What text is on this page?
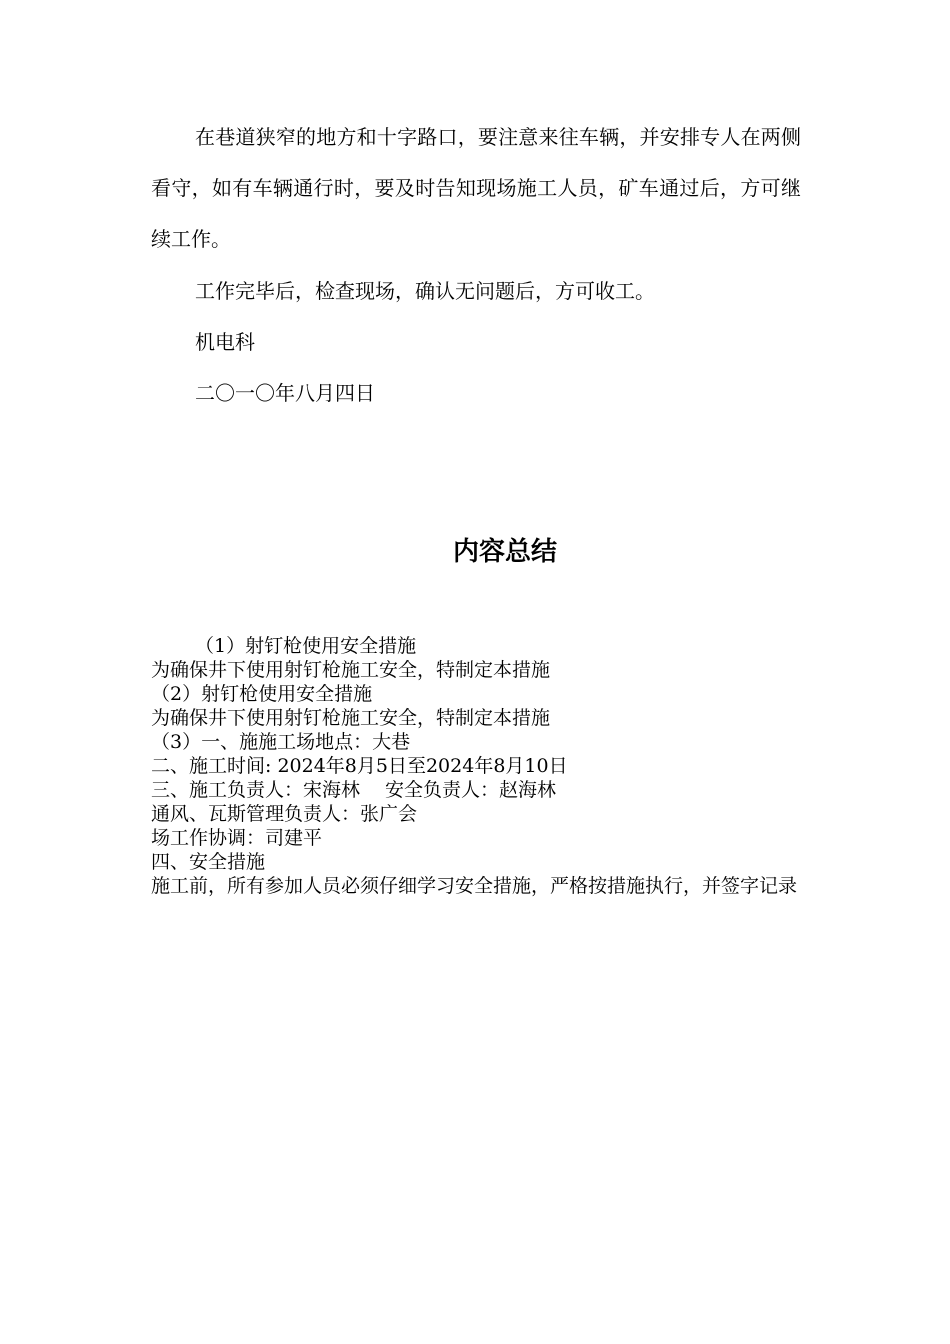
在巷道狭窄的地方和十字路口，要注意来往车辆，并安排专人在两侧看守，如有车辆通行时，要及时告知现场施工人员，矿车通过后，方可继续工作。

工作完毕后，检查现场，确认无问题后，方可收工。

机电科

二〇一〇年八月四日

内容总结

（1）射钉枪使用安全措施

为确保井下使用射钉枪施工安全，特制定本措施

（2）射钉枪使用安全措施

为确保井下使用射钉枪施工安全，特制定本措施

（3）一、施施工场地点：大巷

二、施工时间: 2024年8月5日至2024年8月10日

三、施工负责人：宋海林　 安全负责人：赵海林

通风、瓦斯管理负责人：张广会

场工作协调：司建平

四、安全措施

施工前，所有参加人员必须仔细学习安全措施，严格按措施执行，并签字记录
